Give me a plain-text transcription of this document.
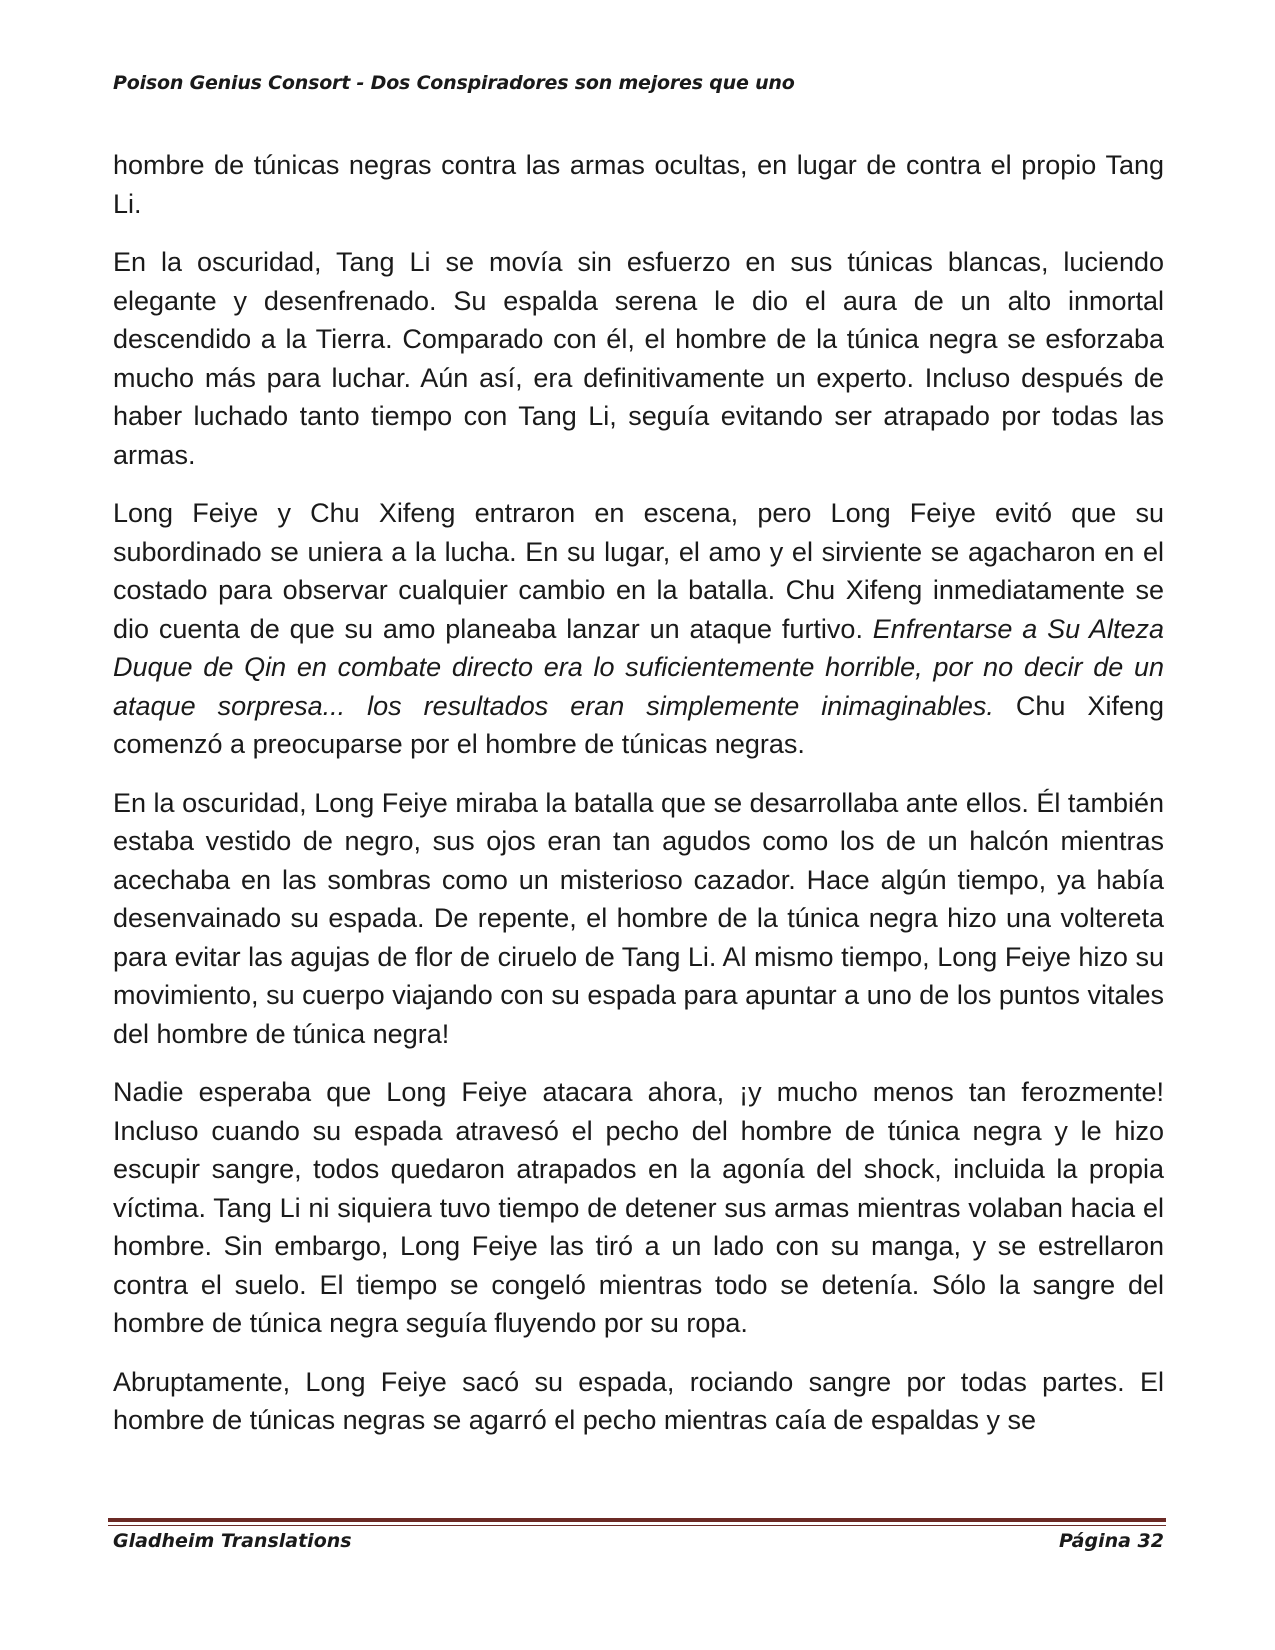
Poison Genius Consort - Dos Conspiradores son mejores que uno

hombre de túnicas negras contra las armas ocultas, en lugar de contra el propio Tang Li.

En la oscuridad, Tang Li se movía sin esfuerzo en sus túnicas blancas, luciendo elegante y desenfrenado. Su espalda serena le dio el aura de un alto inmortal descendido a la Tierra. Comparado con él, el hombre de la túnica negra se esforzaba mucho más para luchar. Aún así, era definitivamente un experto. Incluso después de haber luchado tanto tiempo con Tang Li, seguía evitando ser atrapado por todas las armas.

Long Feiye y Chu Xifeng entraron en escena, pero Long Feiye evitó que su subordinado se uniera a la lucha. En su lugar, el amo y el sirviente se agacharon en el costado para observar cualquier cambio en la batalla. Chu Xifeng inmediatamente se dio cuenta de que su amo planeaba lanzar un ataque furtivo. Enfrentarse a Su Alteza Duque de Qin en combate directo era lo suficientemente horrible, por no decir de un ataque sorpresa... los resultados eran simplemente inimaginables. Chu Xifeng comenzó a preocuparse por el hombre de túnicas negras.

En la oscuridad, Long Feiye miraba la batalla que se desarrollaba ante ellos. Él también estaba vestido de negro, sus ojos eran tan agudos como los de un halcón mientras acechaba en las sombras como un misterioso cazador. Hace algún tiempo, ya había desenvainado su espada. De repente, el hombre de la túnica negra hizo una voltereta para evitar las agujas de flor de ciruelo de Tang Li. Al mismo tiempo, Long Feiye hizo su movimiento, su cuerpo viajando con su espada para apuntar a uno de los puntos vitales del hombre de túnica negra!

Nadie esperaba que Long Feiye atacara ahora, ¡y mucho menos tan ferozmente! Incluso cuando su espada atravesó el pecho del hombre de túnica negra y le hizo escupir sangre, todos quedaron atrapados en la agonía del shock, incluida la propia víctima. Tang Li ni siquiera tuvo tiempo de detener sus armas mientras volaban hacia el hombre. Sin embargo, Long Feiye las tiró a un lado con su manga, y se estrellaron contra el suelo. El tiempo se congeló mientras todo se detenía. Sólo la sangre del hombre de túnica negra seguía fluyendo por su ropa.

Abruptamente, Long Feiye sacó su espada, rociando sangre por todas partes. El hombre de túnicas negras se agarró el pecho mientras caía de espaldas y se

Gladheim Translations	Página 32
